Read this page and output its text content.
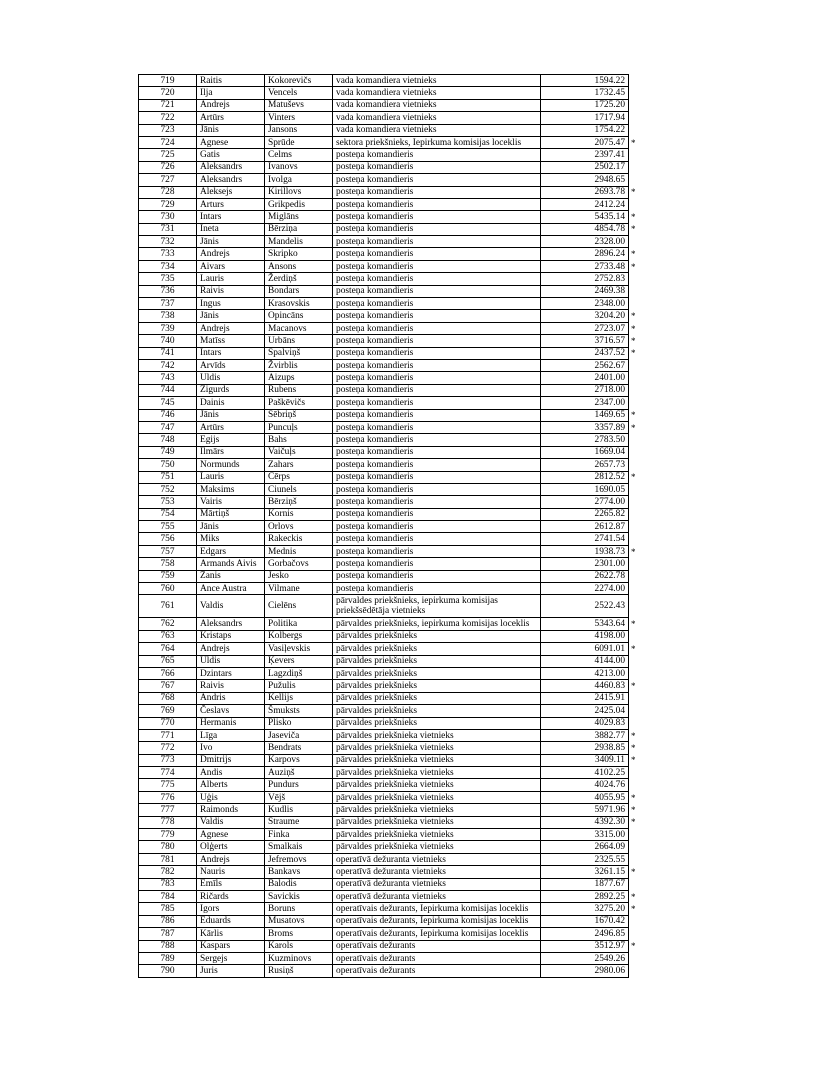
719	Raitis	Kokorevičs	vada komandiera vietnieks	1594.22	
720	Ilja	Vencels	vada komandiera vietnieks	1732.45	
721	Andrejs	Matuševs	vada komandiera vietnieks	1725.20	
722	Artūrs	Vinters	vada komandiera vietnieks	1717.94	
723	Jānis	Jansons	vada komandiera vietnieks	1754.22	
724	Agnese	Sprūde	sektora priekšnieks, Iepirkuma komisijas loceklis	2075.47	*
725	Gatis	Celms	posteņa komandieris	2397.41	
726	Aleksandrs	Ivanovs	posteņa komandieris	2502.17	
727	Aleksandrs	Ivolga	posteņa komandieris	2948.65	
728	Aleksejs	Kirillovs	posteņa komandieris	2693.78	*
729	Arturs	Grikpedis	posteņa komandieris	2412.24	
730	Intars	Miglāns	posteņa komandieris	5435.14	*
731	Ineta	Bērziņa	posteņa komandieris	4854.78	*
732	Jānis	Mandelis	posteņa komandieris	2328.00	
733	Andrejs	Skripko	posteņa komandieris	2896.24	*
734	Aivars	Ansons	posteņa komandieris	2733.48	*
735	Lauris	Žerdiņš	posteņa komandieris	2752.83	
736	Raivis	Bondars	posteņa komandieris	2469.38	
737	Ingus	Krasovskis	posteņa komandieris	2348.00	
738	Jānis	Opincāns	posteņa komandieris	3204.20	*
739	Andrejs	Macanovs	posteņa komandieris	2723.07	*
740	Matīss	Urbāns	posteņa komandieris	3716.57	*
741	Intars	Spalviņš	posteņa komandieris	2437.52	*
742	Arvīds	Žvirblis	posteņa komandieris	2562.67	
743	Uldis	Aizups	posteņa komandieris	2401.00	
744	Zigurds	Rubens	posteņa komandieris	2718.00	
745	Dainis	Paškēvičs	posteņa komandieris	2347.00	
746	Jānis	Sēbriņš	posteņa komandieris	1469.65	*
747	Artūrs	Puncuļs	posteņa komandieris	3357.89	*
748	Egijs	Bahs	posteņa komandieris	2783.50	
749	Ilmārs	Vaičuļs	posteņa komandieris	1669.04	
750	Normunds	Zahars	posteņa komandieris	2657.73	
751	Lauris	Cērps	posteņa komandieris	2812.52	*
752	Maksims	Ciunels	posteņa komandieris	1690.05	
753	Vairis	Bērziņš	posteņa komandieris	2774.00	
754	Mārtiņš	Kornis	posteņa komandieris	2265.82	
755	Jānis	Orlovs	posteņa komandieris	2612.87	
756	Miks	Rakeckis	posteņa komandieris	2741.54	
757	Edgars	Mednis	posteņa komandieris	1938.73	*
758	Armands Aivis	Gorbačovs	posteņa komandieris	2301.00	
759	Žanis	Jesko	posteņa komandieris	2622.78	
760	Ance Austra	Vilmane	posteņa komandieris	2274.00	
761	Valdis	Cielēns	pārvaldes priekšnieks, iepirkuma komisijas priekšsēdētāja vietnieks	2522.43	
762	Aleksandrs	Politika	pārvaldes priekšnieks, iepirkuma komisijas loceklis	5343.64	*
763	Kristaps	Kolbergs	pārvaldes priekšnieks	4198.00	
764	Andrejs	Vasiļevskis	pārvaldes priekšnieks	6091.01	*
765	Uldis	Ķevers	pārvaldes priekšnieks	4144.00	
766	Dzintars	Lagzdiņš	pārvaldes priekšnieks	4213.00	
767	Raivis	Pužulis	pārvaldes priekšnieks	4460.83	*
768	Andris	Kellijs	pārvaldes priekšnieks	2415.91	
769	Česlavs	Šmuksts	pārvaldes priekšnieks	2425.04	
770	Hermanis	Plisko	pārvaldes priekšnieks	4029.83	
771	Līga	Jaseviča	pārvaldes priekšnieka vietnieks	3882.77	*
772	Ivo	Bendrats	pārvaldes priekšnieka vietnieks	2938.85	*
773	Dmitrijs	Karpovs	pārvaldes priekšnieka vietnieks	3409.11	*
774	Andis	Auziņš	pārvaldes priekšnieka vietnieks	4102.25	
775	Alberts	Pundurs	pārvaldes priekšnieka vietnieks	4024.76	
776	Uģis	Vējš	pārvaldes priekšnieka vietnieks	4055.95	*
777	Raimonds	Kudlis	pārvaldes priekšnieka vietnieks	5971.96	*
778	Valdis	Straume	pārvaldes priekšnieka vietnieks	4392.30	*
779	Agnese	Finka	pārvaldes priekšnieka vietnieks	3315.00	
780	Olģerts	Smalkais	pārvaldes priekšnieka vietnieks	2664.09	
781	Andrejs	Jefremovs	operatīvā dežuranta vietnieks	2325.55	
782	Nauris	Bankavs	operatīvā dežuranta vietnieks	3261.15	*
783	Emīls	Balodis	operatīvā dežuranta vietnieks	1877.67	
784	Ričards	Savickis	operatīvā dežuranta vietnieks	2892.25	*
785	Igors	Boruns	operatīvais dežurants, Iepirkuma komisijas loceklis	3275.20	*
786	Eduards	Musatovs	operatīvais dežurants, Iepirkuma komisijas loceklis	1670.42	
787	Kārlis	Broms	operatīvais dežurants, Iepirkuma komisijas loceklis	2496.85	
788	Kaspars	Karols	operatīvais dežurants	3512.97	*
789	Sergejs	Kuzminovs	operatīvais dežurants	2549.26	
790	Juris	Rusiņš	operatīvais dežurants	2980.06	
